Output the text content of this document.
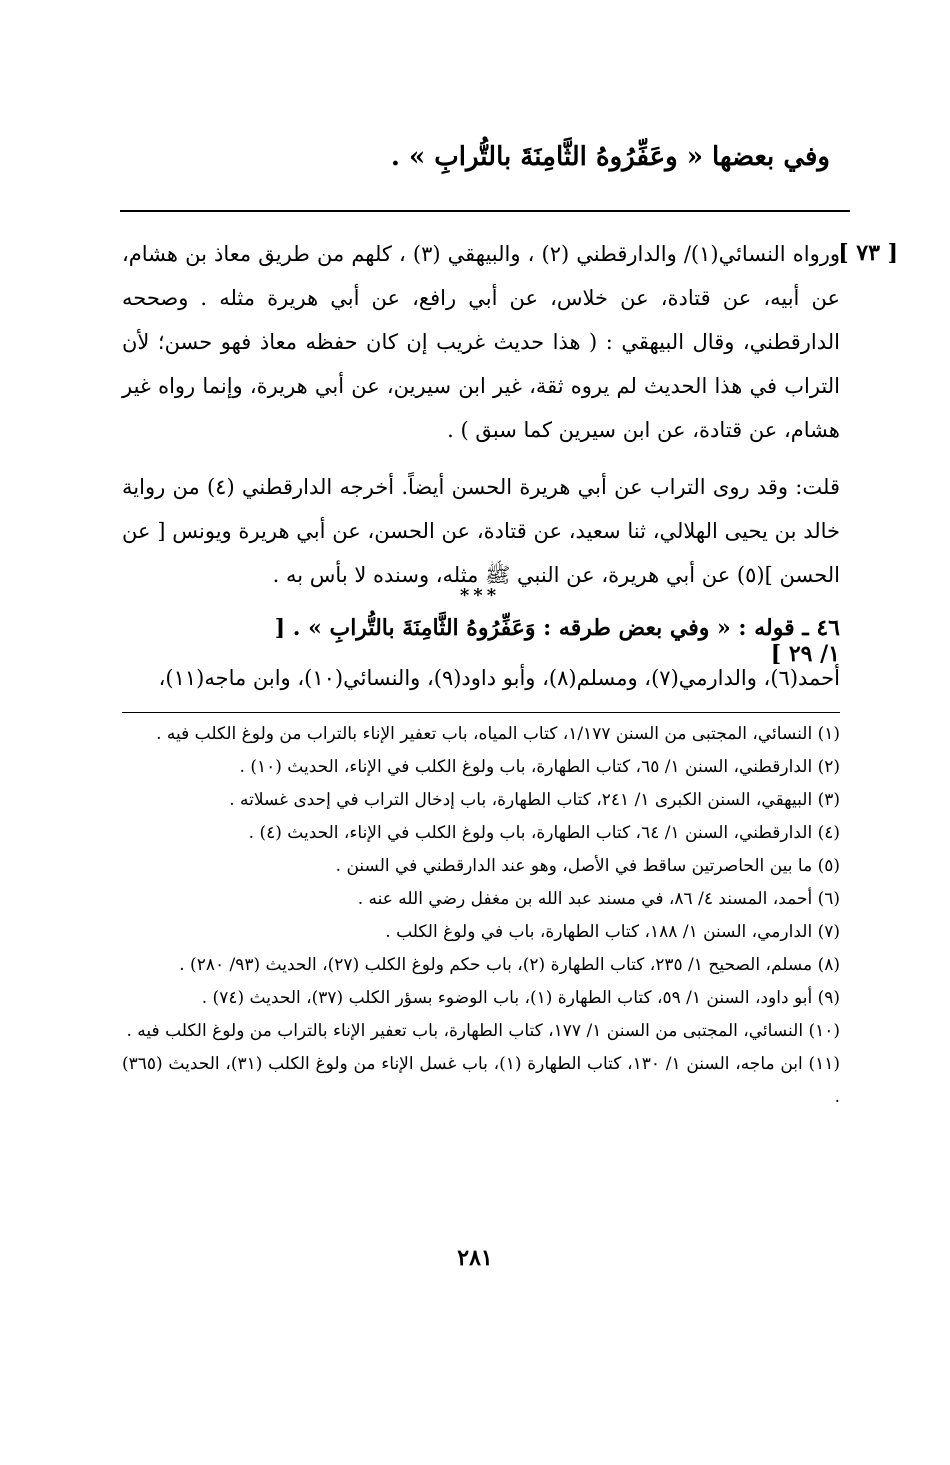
وفي بعضها « وعَفِّرُوهُ الثَّامِنَةَ بالتُّرابِ » .
[ ٧٣ ]

ورواه النسائي(١)/ والدارقطني (٢) ، والبيهقي (٣) ، كلهم من طريق معاذ بن هشام، عن أبيه، عن قتادة، عن خلاس، عن أبي رافع، عن أبي هريرة مثله . وصححه الدارقطني، وقال البيهقي : ( هذا حديث غريب إن كان حفظه معاذ فهو حسن؛ لأن التراب في هذا الحديث لم يروه ثقة، غير ابن سيرين، عن أبي هريرة، وإنما رواه غير هشام، عن قتادة، عن ابن سيرين كما سبق ) .

قلت: وقد روى التراب عن أبي هريرة الحسن أيضاً. أخرجه الدارقطني (٤) من رواية خالد بن يحيى الهلالي، ثنا سعيد، عن قتادة، عن الحسن، عن أبي هريرة ويونس [ عن الحسن ](٥) عن أبي هريرة، عن النبي ﷺ مثله، وسنده لا بأس به .

***
٤٦ ـ قوله : « وفي بعض طرقه : وَعَفِّرُوهُ الثَّامِنَةَ بالتُّرابِ » . [ ١/ ٢٩ ]

أحمد(٦)، والدارمي(٧)، ومسلم(٨)، وأبو داود(٩)، والنسائي(١٠)، وابن ماجه(١١)،

(١) النسائي، المجتبى من السنن ١/١٧٧، كتاب المياه، باب تعفير الإناء بالتراب من ولوغ الكلب فيه .

(٢) الدارقطني، السنن ١/ ٦٥، كتاب الطهارة، باب ولوغ الكلب في الإناء، الحديث (١٠) .

(٣) البيهقي، السنن الكبرى ١/ ٢٤١، كتاب الطهارة، باب إدخال التراب في إحدى غسلاته .

(٤) الدارقطني، السنن ١/ ٦٤، كتاب الطهارة، باب ولوغ الكلب في الإناء، الحديث (٤) .

(٥) ما بين الحاصرتين ساقط في الأصل، وهو عند الدارقطني في السنن .

(٦) أحمد، المسند ٤/ ٨٦، في مسند عبد الله بن مغفل رضي الله عنه .

(٧) الدارمي، السنن ١/ ١٨٨، كتاب الطهارة، باب في ولوغ الكلب .

(٨) مسلم، الصحيح ١/ ٢٣٥، كتاب الطهارة (٢)، باب حكم ولوغ الكلب (٢٧)، الحديث (٩٣/ ٢٨٠) .

(٩) أبو داود، السنن ١/ ٥٩، كتاب الطهارة (١)، باب الوضوء بسؤر الكلب (٣٧)، الحديث (٧٤) .

(١٠) النسائي، المجتبى من السنن ١/ ١٧٧، كتاب الطهارة، باب تعفير الإناء بالتراب من ولوغ الكلب فيه .

(١١) ابن ماجه، السنن ١/ ١٣٠، كتاب الطهارة (١)، باب غسل الإناء من ولوغ الكلب (٣١)، الحديث (٣٦٥) .

٢٨١
